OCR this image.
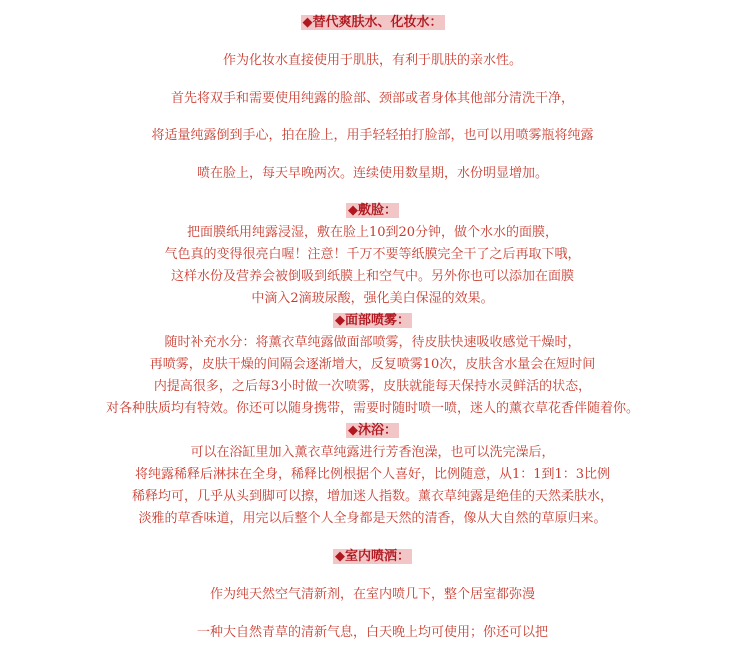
◆替代爽肤水、化妆水：
作为化妆水直接使用于肌肤，有利于肌肤的亲水性。
首先将双手和需要使用纯露的脸部、颈部或者身体其他部分清洗干净，
将适量纯露倒到手心，拍在脸上，用手轻轻拍打脸部，也可以用喷雾瓶将纯露
喷在脸上，每天早晚两次。连续使用数星期，水份明显增加。
◆敷脸：
把面膜纸用纯露浸湿，敷在脸上10到20分钟，做个水水的面膜，
气色真的变得很亮白喔！注意！千万不要等纸膜完全干了之后再取下哦，
这样水份及营养会被倒吸到纸膜上和空气中。另外你也可以添加在面膜
中滴入2滴玻尿酸，强化美白保湿的效果。
◆面部喷雾：
随时补充水分：将薰衣草纯露做面部喷雾，待皮肤快速吸收感觉干燥时，
再喷雾，皮肤干燥的间隔会逐渐增大，反复喷雾10次，皮肤含水量会在短时间
内提高很多，之后每3小时做一次喷雾，皮肤就能每天保持水灵鲜活的状态，
对各种肤质均有特效。你还可以随身携带，需要时随时喷一喷，迷人的薰衣草花香伴随着你。
◆沐浴：
可以在浴缸里加入薰衣草纯露进行芳香泡澡，也可以洗完澡后，
将纯露稀释后淋抹在全身，稀释比例根据个人喜好，比例随意，从1：1到1：3比例
稀释均可，几乎从头到脚可以擦，增加迷人指数。薰衣草纯露是绝佳的天然柔肤水，
淡雅的草香味道，用完以后整个人全身都是天然的清香，像从大自然的草原归来。
◆室内喷洒：
作为纯天然空气清新剂，在室内喷几下，整个居室都弥漫
一种大自然青草的清新气息，白天晚上均可使用；你还可以把
